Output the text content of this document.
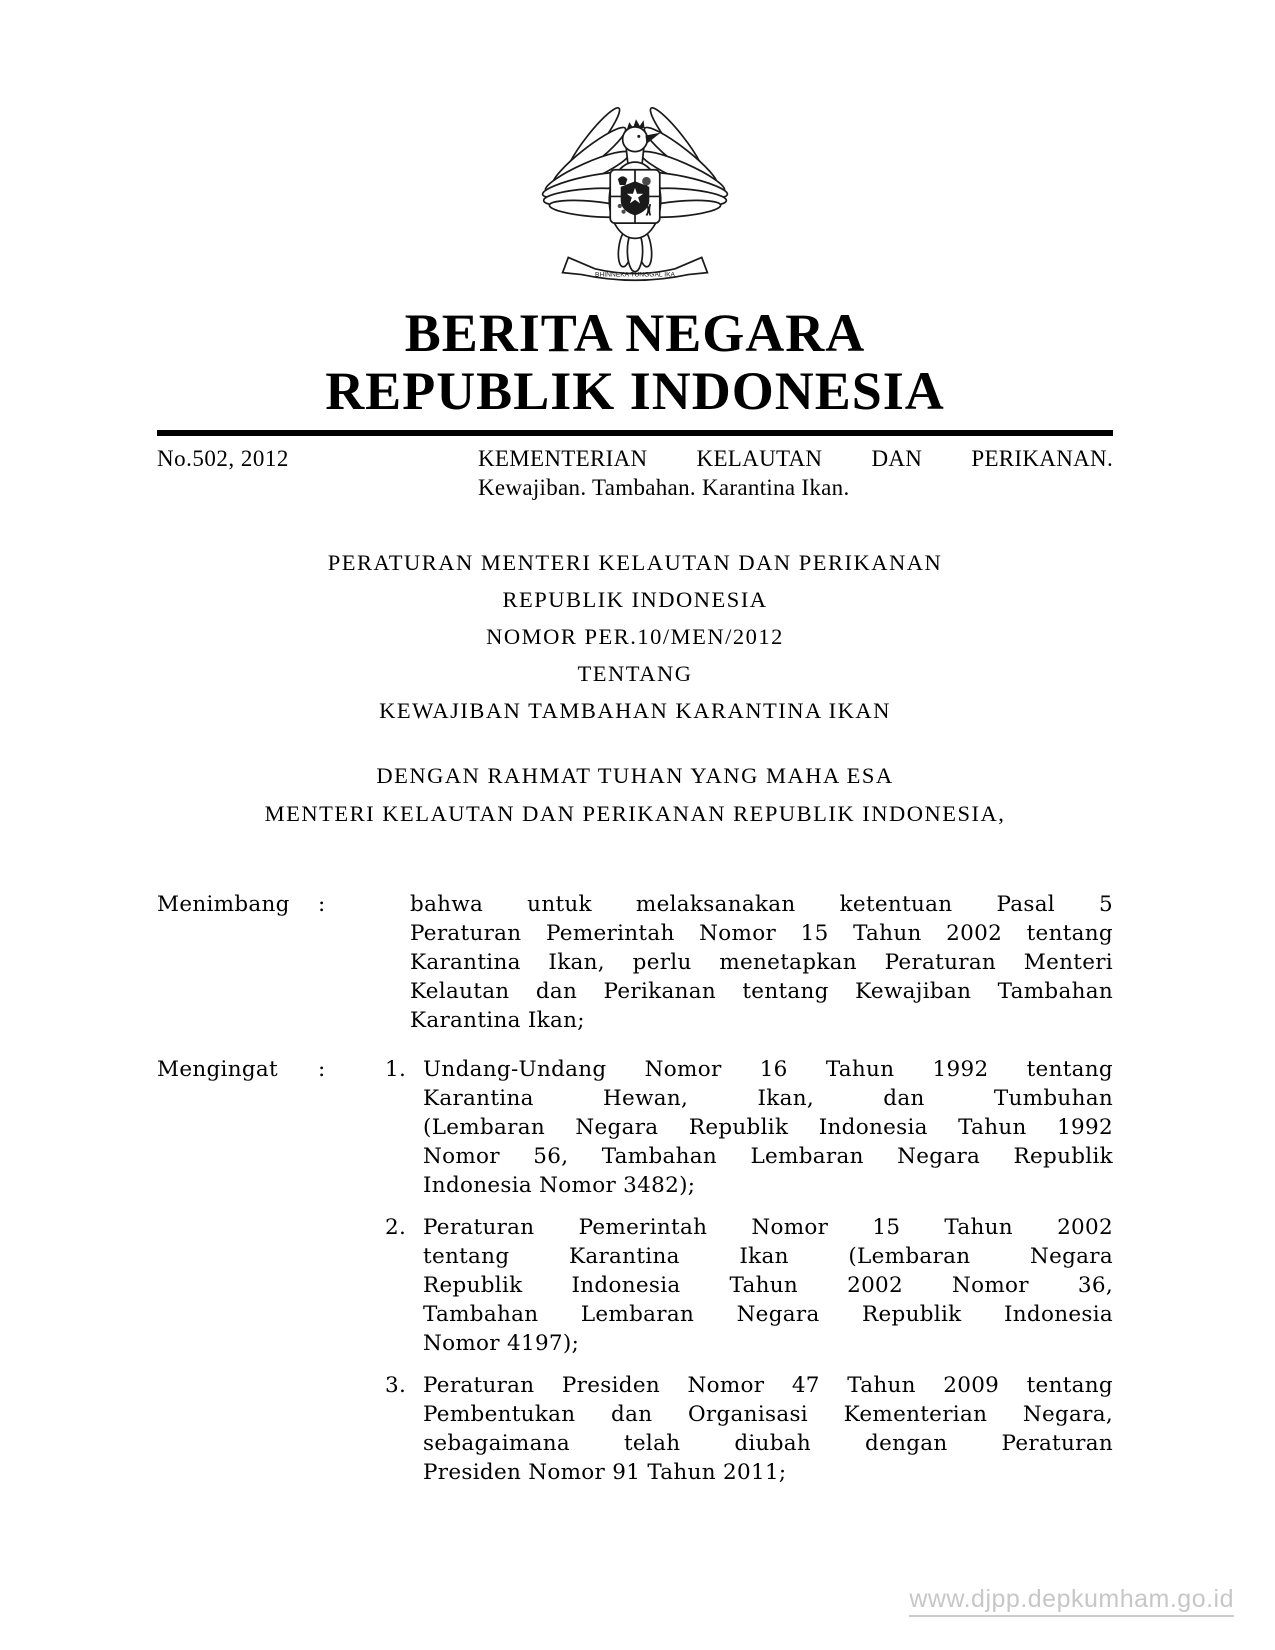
BHINNEKA TUNGGAL IKA
BERITA NEGARA
REPUBLIK INDONESIA
No.502, 2012	KEMENTERIAN KELAUTAN DAN PERIKANAN.
Kewajiban. Tambahan. Karantina Ikan.
PERATURAN MENTERI KELAUTAN DAN PERIKANAN
REPUBLIK INDONESIA
NOMOR PER.10/MEN/2012
TENTANG
KEWAJIBAN TAMBAHAN KARANTINA IKAN
DENGAN RAHMAT TUHAN YANG MAHA ESA
MENTERI KELAUTAN DAN PERIKANAN REPUBLIK INDONESIA,
Menimbang	:	bahwa untuk melaksanakan ketentuan Pasal 5
Peraturan Pemerintah Nomor 15 Tahun 2002 tentang
Karantina Ikan, perlu menetapkan Peraturan Menteri
Kelautan dan Perikanan tentang Kewajiban Tambahan
Karantina Ikan;
Mengingat	:	1. Undang-Undang Nomor 16 Tahun 1992 tentang
Karantina Hewan, Ikan, dan Tumbuhan
(Lembaran Negara Republik Indonesia Tahun 1992
Nomor 56, Tambahan Lembaran Negara Republik
Indonesia Nomor 3482);
2. Peraturan Pemerintah Nomor 15 Tahun 2002
tentang Karantina Ikan (Lembaran Negara
Republik Indonesia Tahun 2002 Nomor 36,
Tambahan Lembaran Negara Republik Indonesia
Nomor 4197);
3. Peraturan Presiden Nomor 47 Tahun 2009 tentang
Pembentukan dan Organisasi Kementerian Negara,
sebagaimana telah diubah dengan Peraturan
Presiden Nomor 91 Tahun 2011;
www.djpp.depkumham.go.id
